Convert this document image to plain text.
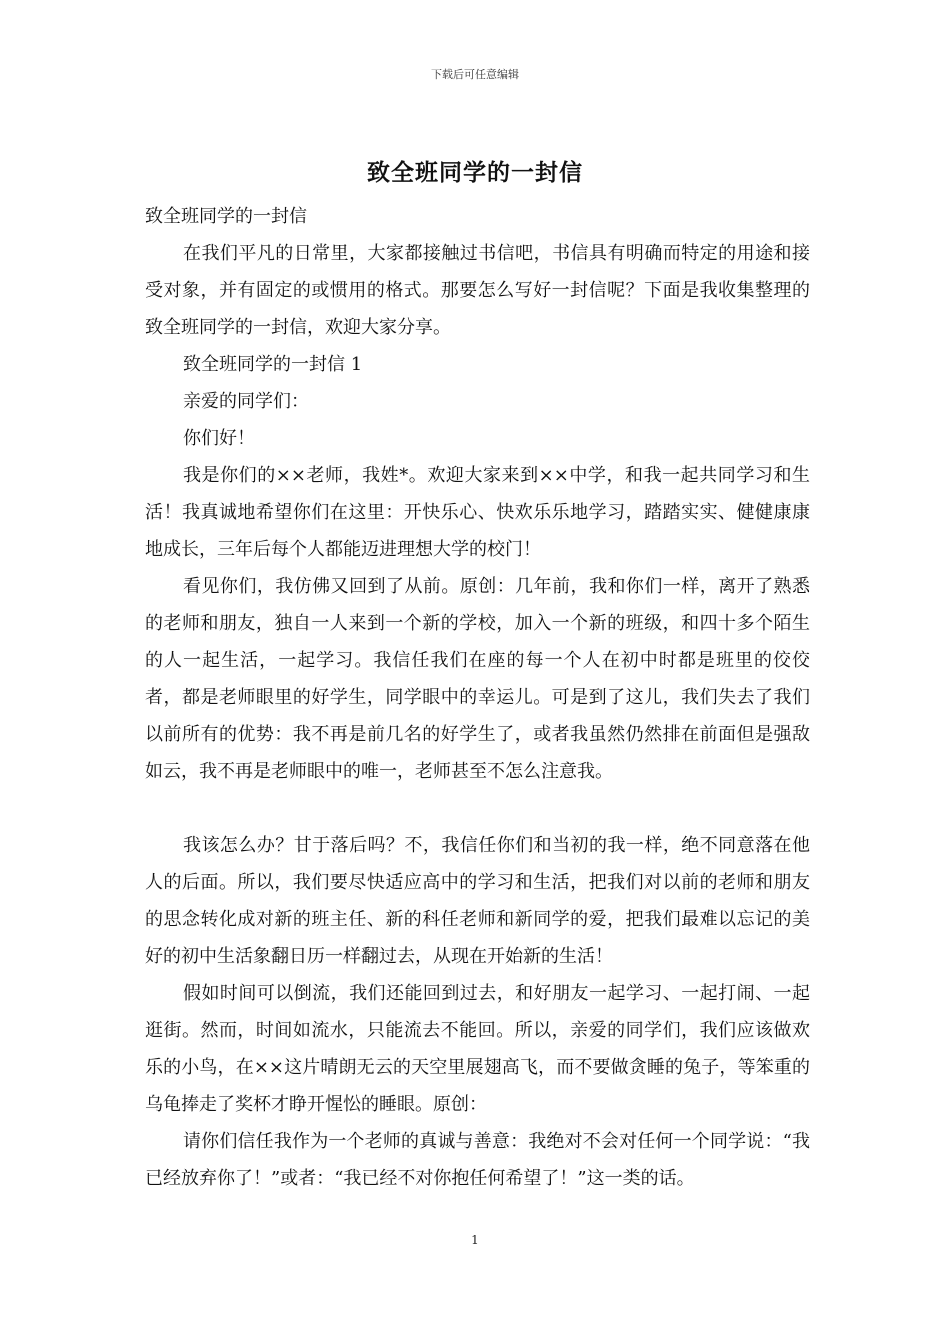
下载后可任意编辑
致全班同学的一封信

致全班同学的一封信

在我们平凡的日常里，大家都接触过书信吧，书信具有明确而特定的用途和接受对象，并有固定的或惯用的格式。那要怎么写好一封信呢？下面是我收集整理的致全班同学的一封信，欢迎大家分享。

致全班同学的一封信 1

亲爱的同学们：

你们好！

我是你们的××老师，我姓*。欢迎大家来到××中学，和我一起共同学习和生活！我真诚地希望你们在这里：开快乐心、快欢乐乐地学习，踏踏实实、健健康康地成长，三年后每个人都能迈进理想大学的校门！

看见你们，我仿佛又回到了从前。原创：几年前，我和你们一样，离开了熟悉的老师和朋友，独自一人来到一个新的学校，加入一个新的班级，和四十多个陌生的人一起生活，一起学习。我信任我们在座的每一个人在初中时都是班里的佼佼者，都是老师眼里的好学生，同学眼中的幸运儿。可是到了这儿，我们失去了我们以前所有的优势：我不再是前几名的好学生了，或者我虽然仍然排在前面但是强敌如云，我不再是老师眼中的唯一，老师甚至不怎么注意我。

我该怎么办？甘于落后吗？不，我信任你们和当初的我一样，绝不同意落在他人的后面。所以，我们要尽快适应高中的学习和生活，把我们对以前的老师和朋友的思念转化成对新的班主任、新的科任老师和新同学的爱，把我们最难以忘记的美好的初中生活象翻日历一样翻过去，从现在开始新的生活！

假如时间可以倒流，我们还能回到过去，和好朋友一起学习、一起打闹、一起逛街。然而，时间如流水，只能流去不能回。所以，亲爱的同学们，我们应该做欢乐的小鸟，在××这片晴朗无云的天空里展翅高飞，而不要做贪睡的兔子，等笨重的乌龟捧走了奖杯才睁开惺忪的睡眼。原创：

请你们信任我作为一个老师的真诚与善意：我绝对不会对任何一个同学说：“我已经放弃你了！”或者：“我已经不对你抱任何希望了！”这一类的话。

1
